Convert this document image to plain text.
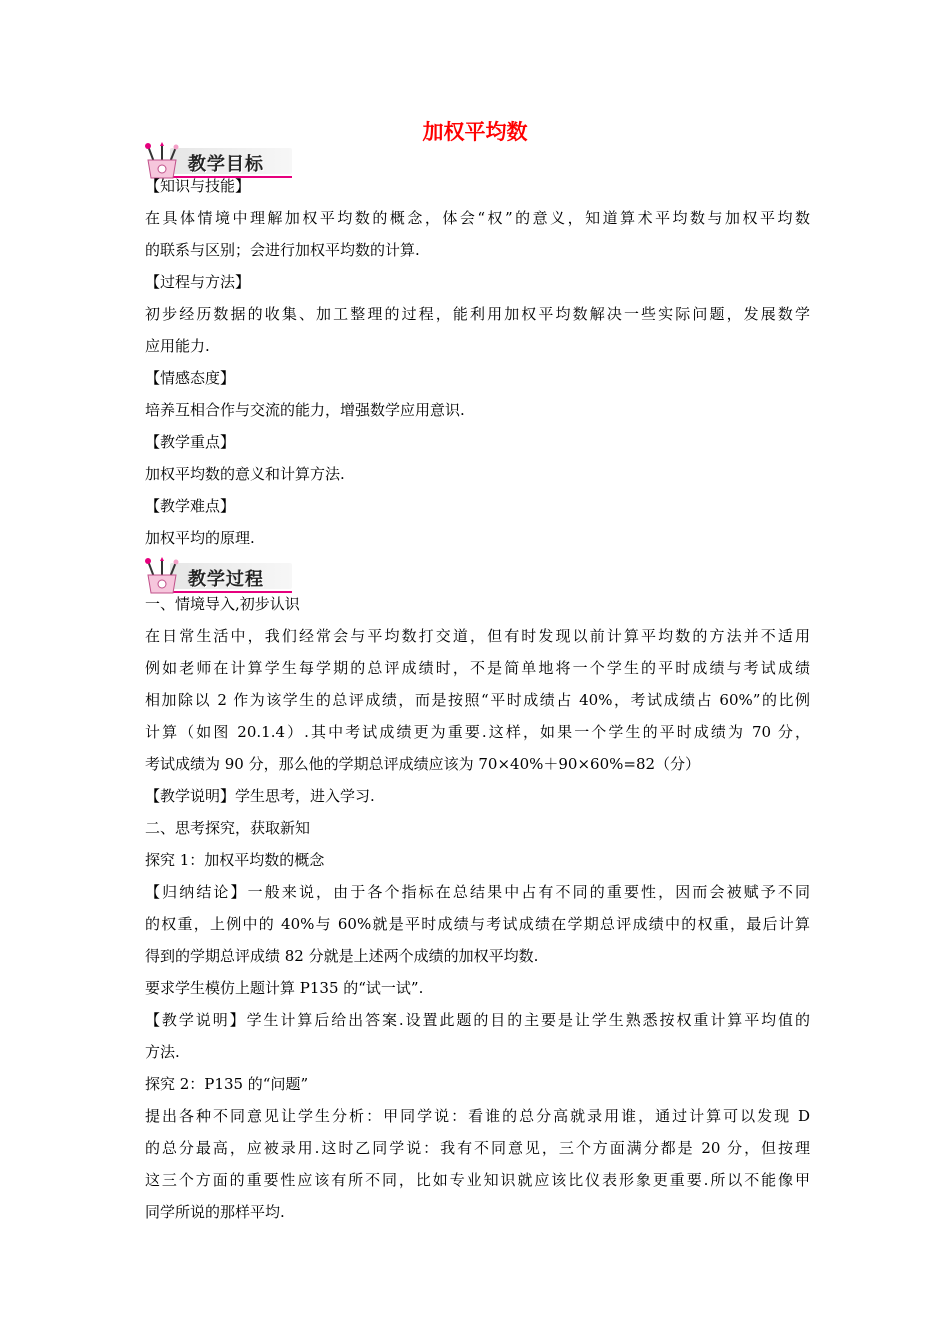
加权平均数
教学目标
【知识与技能】
在具体情境中理解加权平均数的概念，体会“权”的意义，知道算术平均数与加权平均数
的联系与区别；会进行加权平均数的计算.
【过程与方法】
初步经历数据的收集、加工整理的过程，能利用加权平均数解决一些实际问题，发展数学
应用能力.
【情感态度】
培养互相合作与交流的能力，增强数学应用意识.
【教学重点】
加权平均数的意义和计算方法.
【教学难点】
加权平均的原理.
教学过程
一、情境导入,初步认识
在日常生活中，我们经常会与平均数打交道，但有时发现以前计算平均数的方法并不适用
例如老师在计算学生每学期的总评成绩时，不是简单地将一个学生的平时成绩与考试成绩
相加除以 2 作为该学生的总评成绩，而是按照“平时成绩占 40%，考试成绩占 60%”的比例
计算（如图 20.1.4）.其中考试成绩更为重要.这样，如果一个学生的平时成绩为 70 分，
考试成绩为 90 分，那么他的学期总评成绩应该为 70×40%＋90×60%=82（分）
【教学说明】学生思考，进入学习.
二、思考探究，获取新知
探究 1：加权平均数的概念
【归纳结论】一般来说，由于各个指标在总结果中占有不同的重要性，因而会被赋予不同
的权重，上例中的 40%与 60%就是平时成绩与考试成绩在学期总评成绩中的权重，最后计算
得到的学期总评成绩 82 分就是上述两个成绩的加权平均数.
要求学生模仿上题计算 P135 的“试一试”.
【教学说明】学生计算后给出答案.设置此题的目的主要是让学生熟悉按权重计算平均值的
方法.
探究 2：P135 的“问题”
提出各种不同意见让学生分析：甲同学说：看谁的总分高就录用谁，通过计算可以发现 D
的总分最高，应被录用.这时乙同学说：我有不同意见，三个方面满分都是 20 分，但按理
这三个方面的重要性应该有所不同，比如专业知识就应该比仪表形象更重要.所以不能像甲
同学所说的那样平均.
